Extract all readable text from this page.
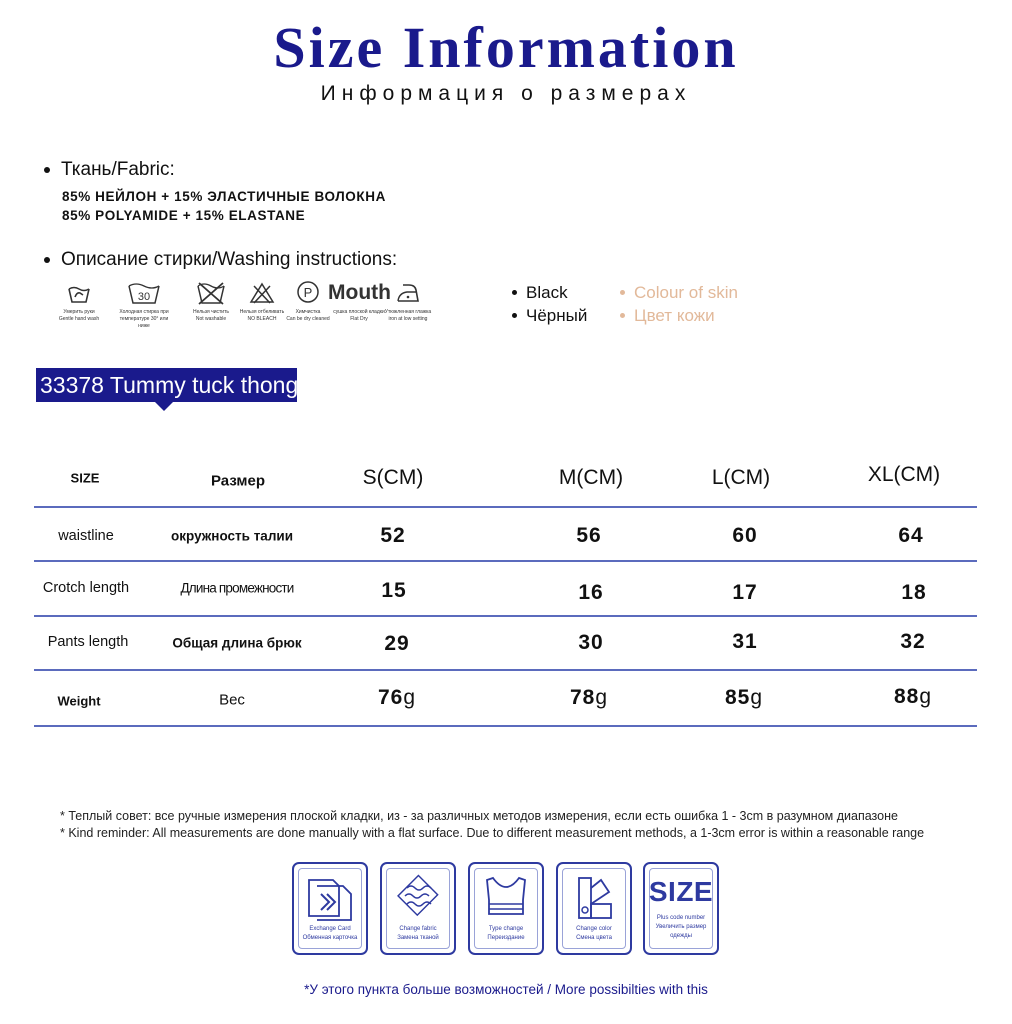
Size Information
Информация о размерах
Ткань/Fabric:
85% НЕЙЛОН + 15% ЭЛАСТИЧНЫЕ ВОЛОКНА
85% POLYAMIDE + 15% ELASTANE
Описание стирки/Washing instructions:
Умерить руки
Gentle hand wash
30
Холодная стирка при
температуре 30° или ниже
Нельзя чистить
Not washable
Нельзя отбеливать
NO BLEACH
P
Химчистка
Can be dry cleaned
Mouth
сушка плоской кладки
Flat Dry
Утюжленная глажка
iron at low setting
Black
Чёрный
Colour of skin
Цвет кожи
33378 Tummy tuck thong
SIZE	Размер	S(CM)	M(CM)	L(CM)	XL(CM)
waistline	окружность талии	52	56	60	64
Crotch length	Длина промежности	15	16	17	18
Pants length	Общая длина брюк	29	30	31	32
Weight	Вес	76g	78g	85g	88g
* Теплый совет: все ручные измерения плоской кладки, из - за различных методов измерения, если есть ошибка 1 - 3cm в разумном диапазоне
* Kind reminder: All measurements are done manually with a flat surface. Due to different measurement methods, a 1-3cm error is within a reasonable range
Exchange Card
Обменная карточка
Change fabric
Замена тканой
Type change
Переиздание
Change color
Смена цвета
SIZE
Plus code number
Увеличить размер одежды
*У этого пункта больше возможностей / More possibilties with this
